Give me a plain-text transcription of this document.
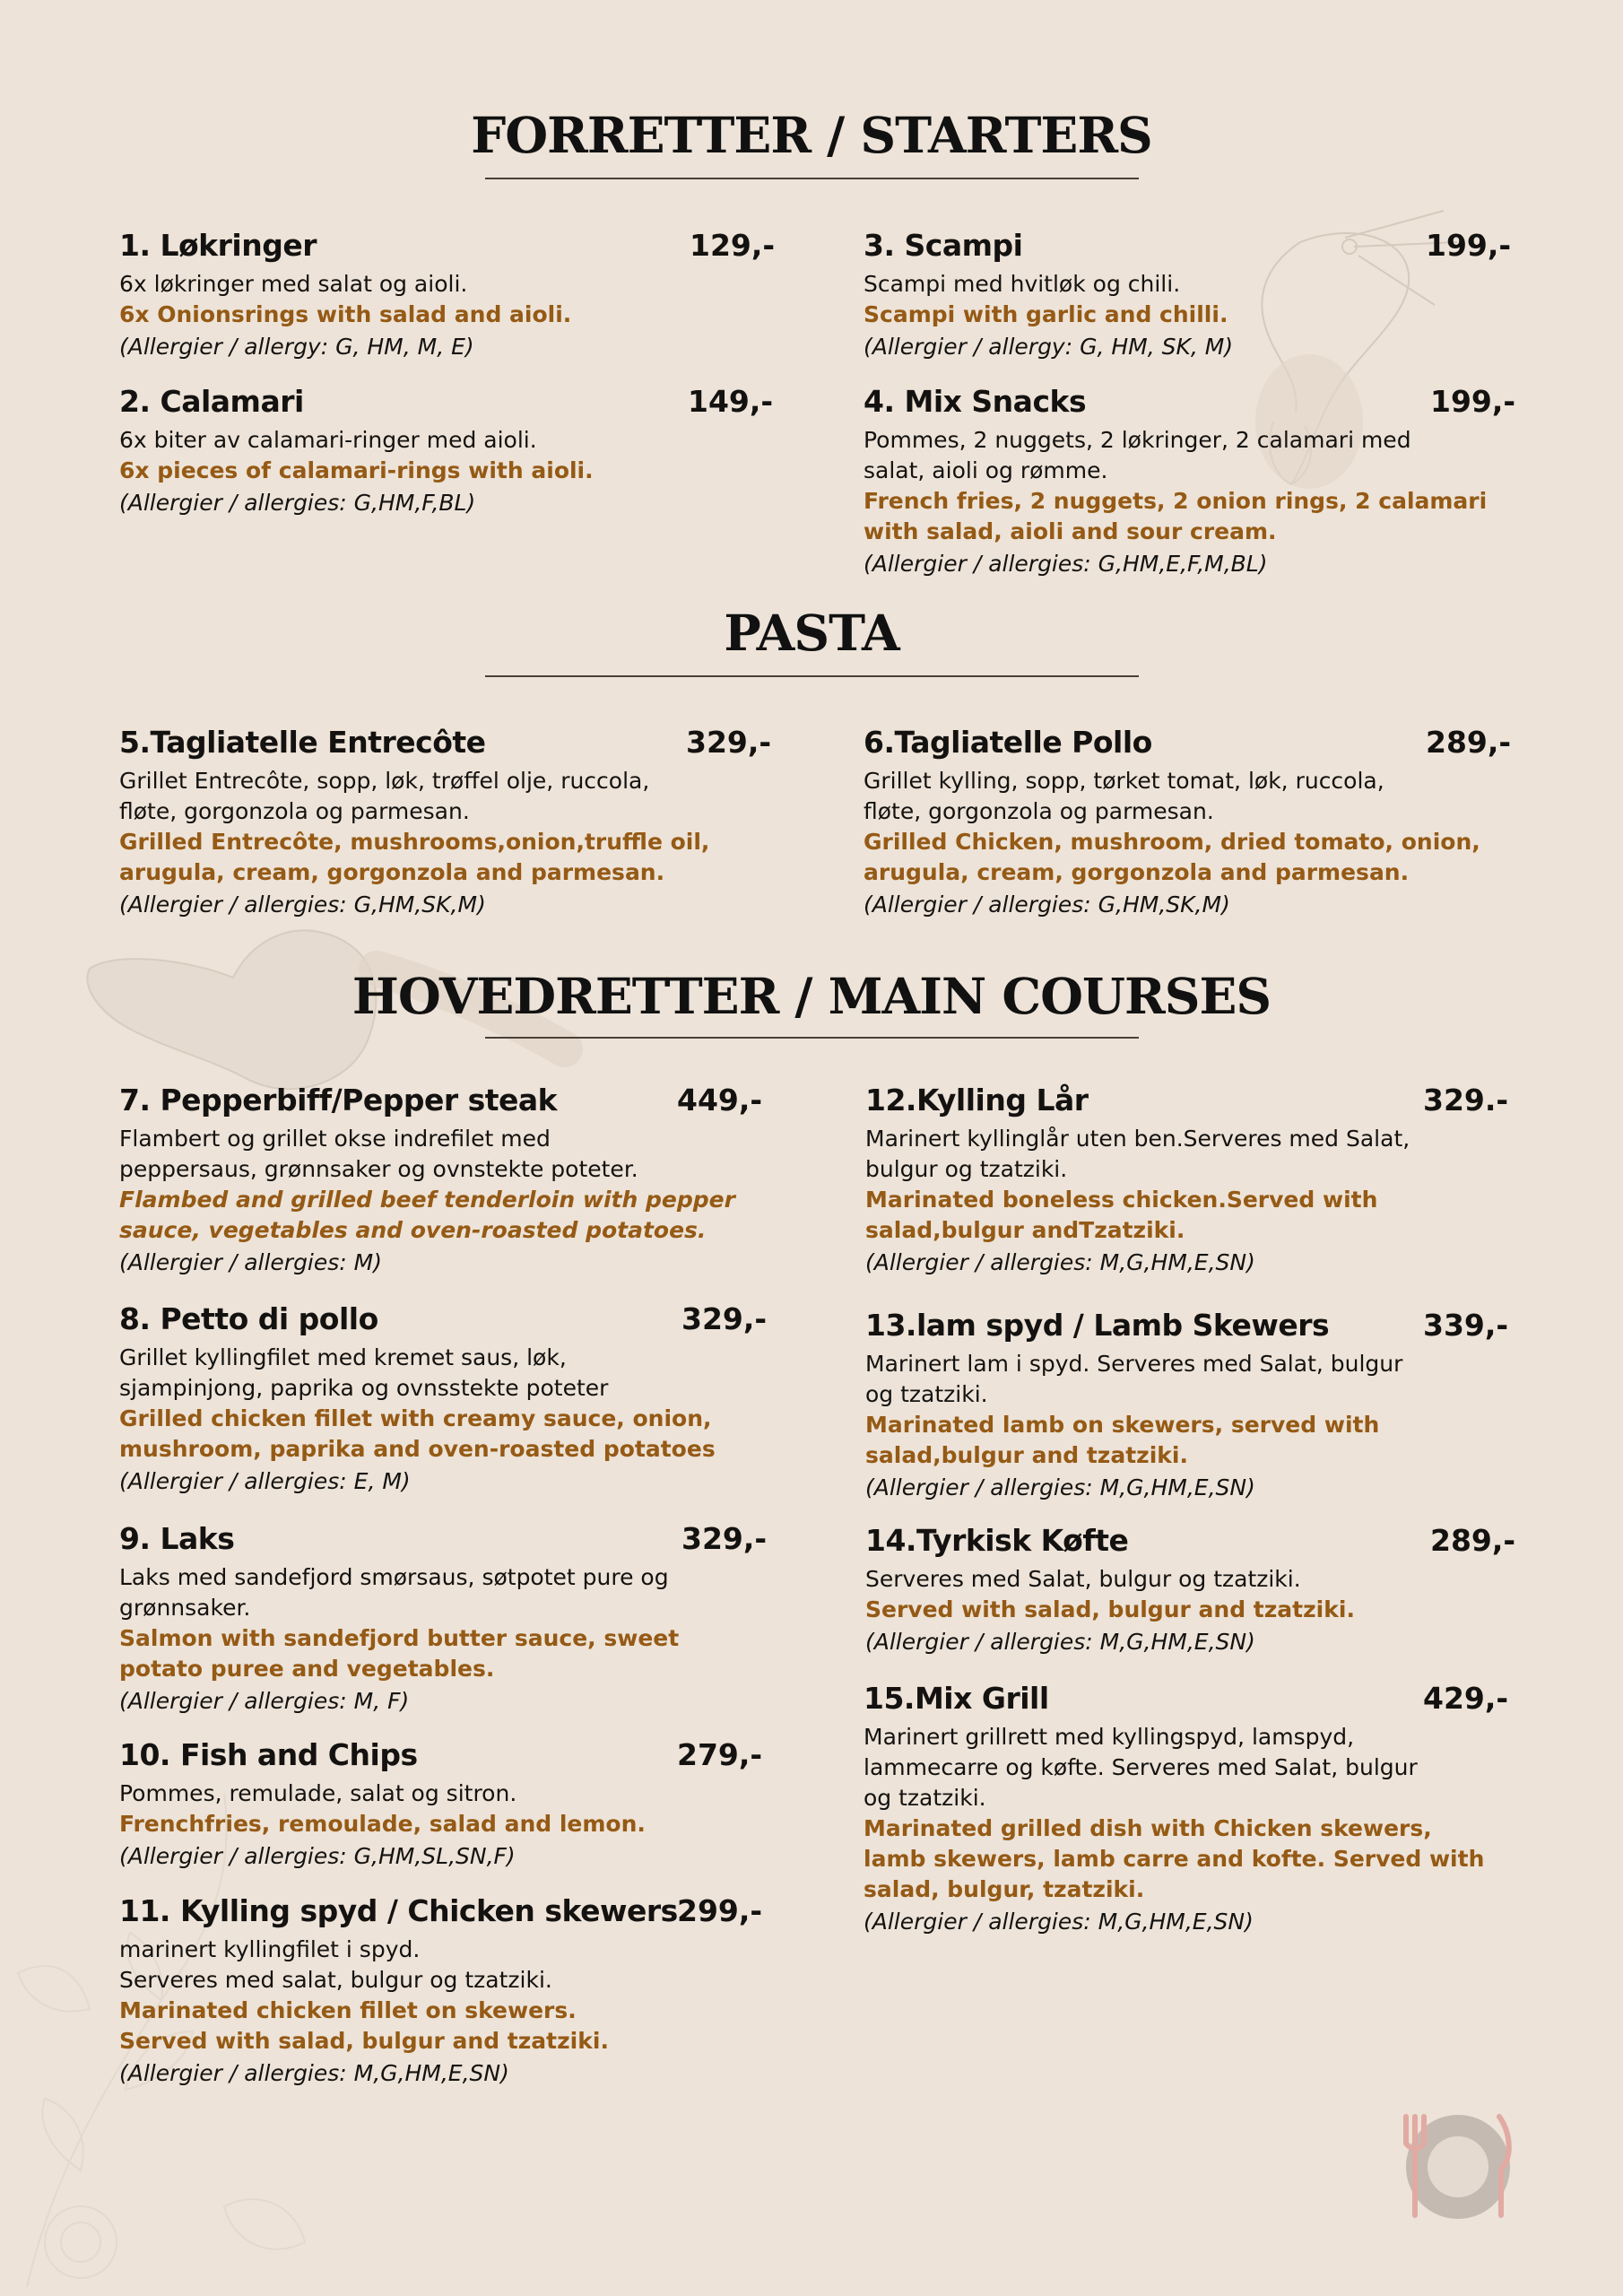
FORRETTER / STARTERS
PASTA
HOVEDRETTER / MAIN COURSES
1. Løkringer	129,-
6x løkringer med salat og aioli.
6x Onionsrings with salad and aioli.
(Allergier / allergy: G, HM, M, E)
2. Calamari	149,-
6x biter av calamari-ringer med aioli.
6x pieces of calamari-rings with aioli.
(Allergier / allergies: G,HM,F,BL)
3. Scampi	199,-
Scampi med hvitløk og chili.
Scampi with garlic and chilli.
(Allergier / allergy: G, HM, SK, M)
4. Mix Snacks	199,-
Pommes, 2 nuggets, 2 løkringer, 2 calamari med
salat, aioli og rømme.
French fries, 2 nuggets, 2 onion rings, 2 calamari
with salad, aioli and sour cream.
(Allergier / allergies: G,HM,E,F,M,BL)
5.Tagliatelle Entrecôte	329,-
Grillet Entrecôte, sopp, løk, trøffel olje, ruccola,
fløte, gorgonzola og parmesan.
Grilled Entrecôte, mushrooms,onion,truffle oil,
arugula, cream, gorgonzola and parmesan.
(Allergier / allergies: G,HM,SK,M)
6.Tagliatelle Pollo	289,-
Grillet kylling, sopp, tørket tomat, løk, ruccola,
fløte, gorgonzola og parmesan.
Grilled Chicken, mushroom, dried tomato, onion,
arugula, cream, gorgonzola and parmesan.
(Allergier / allergies: G,HM,SK,M)
7. Pepperbiff/Pepper steak	449,-
Flambert og grillet okse indrefilet med
peppersaus, grønnsaker og ovnstekte poteter.
Flambed and grilled beef tenderloin with pepper
sauce, vegetables and oven-roasted potatoes.
(Allergier / allergies: M)
8. Petto di pollo	329,-
Grillet kyllingfilet med kremet saus, løk,
sjampinjong, paprika og ovnsstekte poteter
Grilled chicken fillet with creamy sauce, onion,
mushroom, paprika and oven-roasted potatoes
(Allergier / allergies: E, M)
9. Laks	329,-
Laks med sandefjord smørsaus, søtpotet pure og
grønnsaker.
Salmon with sandefjord butter sauce, sweet
potato puree and vegetables.
(Allergier / allergies: M, F)
10. Fish and Chips	279,-
Pommes, remulade, salat og sitron.
Frenchfries, remoulade, salad and lemon.
(Allergier / allergies: G,HM,SL,SN,F)
11. Kylling spyd / Chicken skewers 299,-
marinert kyllingfilet i spyd.
Serveres med salat, bulgur og tzatziki.
Marinated chicken fillet on skewers.
Served with salad, bulgur and tzatziki.
(Allergier / allergies: M,G,HM,E,SN)
12.Kylling Lår	329.-
Marinert kyllinglår uten ben.Serveres med Salat,
bulgur og tzatziki.
Marinated boneless chicken.Served with
salad,bulgur andTzatziki.
(Allergier / allergies: M,G,HM,E,SN)
13.lam spyd / Lamb Skewers	339,-
Marinert lam i spyd. Serveres med Salat, bulgur
og tzatziki.
Marinated lamb on skewers, served with
salad,bulgur and tzatziki.
(Allergier / allergies: M,G,HM,E,SN)
14.Tyrkisk Køfte	289,-
Serveres med Salat, bulgur og tzatziki.
Served with salad, bulgur and tzatziki.
(Allergier / allergies: M,G,HM,E,SN)
15.Mix Grill	429,-
Marinert grillrett med kyllingspyd, lamspyd,
lammecarre og køfte. Serveres med Salat, bulgur
og tzatziki.
Marinated grilled dish with Chicken skewers,
lamb skewers, lamb carre and kofte. Served with
salad, bulgur, tzatziki.
(Allergier / allergies: M,G,HM,E,SN)
